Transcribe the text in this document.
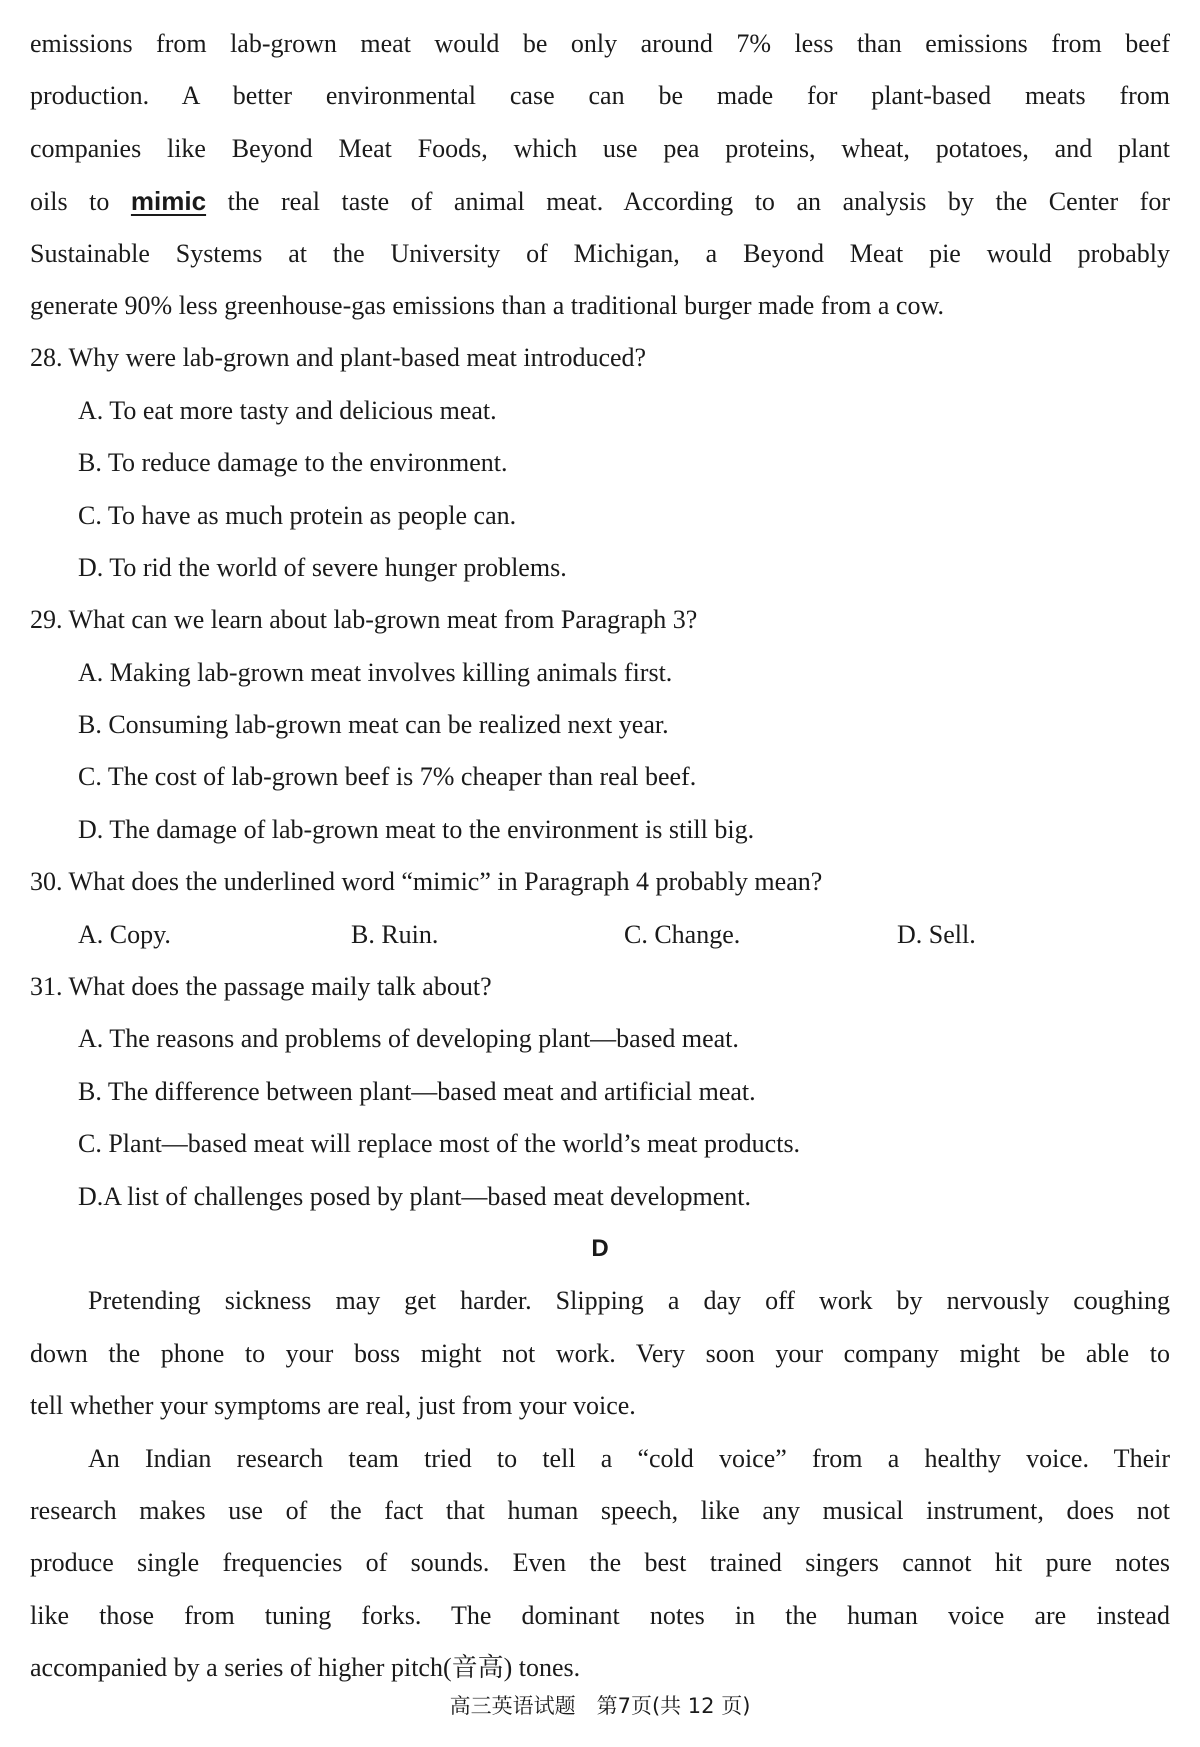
emissions from lab-grown meat would be only around 7% less than emissions from beef
production. A better environmental case can be made for plant-based meats from
companies like Beyond Meat Foods, which use pea proteins, wheat, potatoes, and plant
oils to mimic the real taste of animal meat. According to an analysis by the Center for
Sustainable Systems at the University of Michigan, a Beyond Meat pie would probably
generate 90% less greenhouse-gas emissions than a traditional burger made from a cow.
28. Why were lab-grown and plant-based meat introduced?
A. To eat more tasty and delicious meat.
B. To reduce damage to the environment.
C. To have as much protein as people can.
D. To rid the world of severe hunger problems.
29. What can we learn about lab-grown meat from Paragraph 3?
A. Making lab-grown meat involves killing animals first.
B. Consuming lab-grown meat can be realized next year.
C. The cost of lab-grown beef is 7% cheaper than real beef.
D. The damage of lab-grown meat to the environment is still big.
30. What does the underlined word “mimic” in Paragraph 4 probably mean?
A. Copy.	B. Ruin.	C. Change.	D. Sell.
31. What does the passage maily talk about?
A. The reasons and problems of developing plant—based meat.
B. The difference between plant—based meat and artificial meat.
C. Plant—based meat will replace most of the world’s meat products.
D.A list of challenges posed by plant—based meat development.
D
Pretending sickness may get harder. Slipping a day off work by nervously coughing
down the phone to your boss might not work. Very soon your company might be able to
tell whether your symptoms are real, just from your voice.
An Indian research team tried to tell a “cold voice” from a healthy voice. Their
research makes use of the fact that human speech, like any musical instrument, does not
produce single frequencies of sounds. Even the best trained singers cannot hit pure notes
like those from tuning forks. The dominant notes in the human voice are instead
accompanied by a series of higher pitch(音高) tones.
高三英语试题　第7页(共 12 页)
